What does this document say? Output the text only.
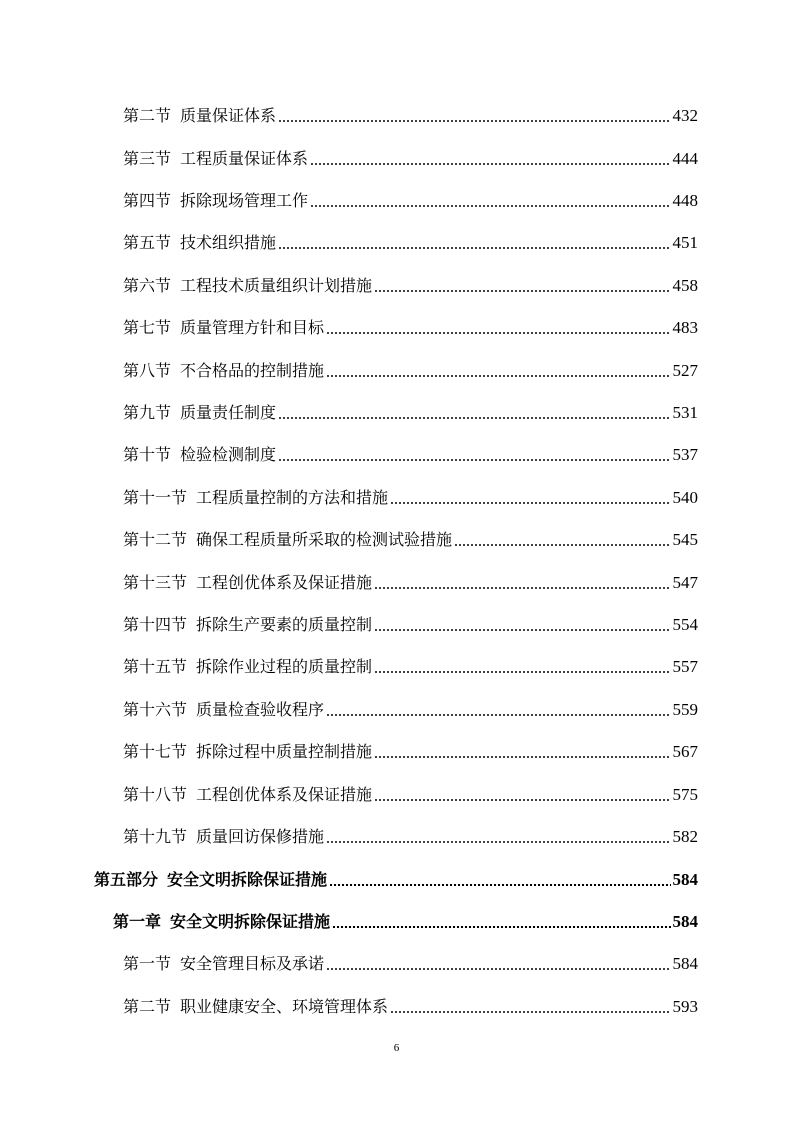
第二节 质量保证体系	432
第三节 工程质量保证体系	444
第四节 拆除现场管理工作	448
第五节 技术组织措施	451
第六节 工程技术质量组织计划措施	458
第七节 质量管理方针和目标	483
第八节 不合格品的控制措施	527
第九节 质量责任制度	531
第十节 检验检测制度	537
第十一节 工程质量控制的方法和措施	540
第十二节 确保工程质量所采取的检测试验措施	545
第十三节 工程创优体系及保证措施	547
第十四节 拆除生产要素的质量控制	554
第十五节 拆除作业过程的质量控制	557
第十六节 质量检查验收程序	559
第十七节 拆除过程中质量控制措施	567
第十八节 工程创优体系及保证措施	575
第十九节 质量回访保修措施	582
第五部分 安全文明拆除保证措施	584
第一章 安全文明拆除保证措施	584
第一节 安全管理目标及承诺	584
第二节 职业健康安全、环境管理体系	593
6
